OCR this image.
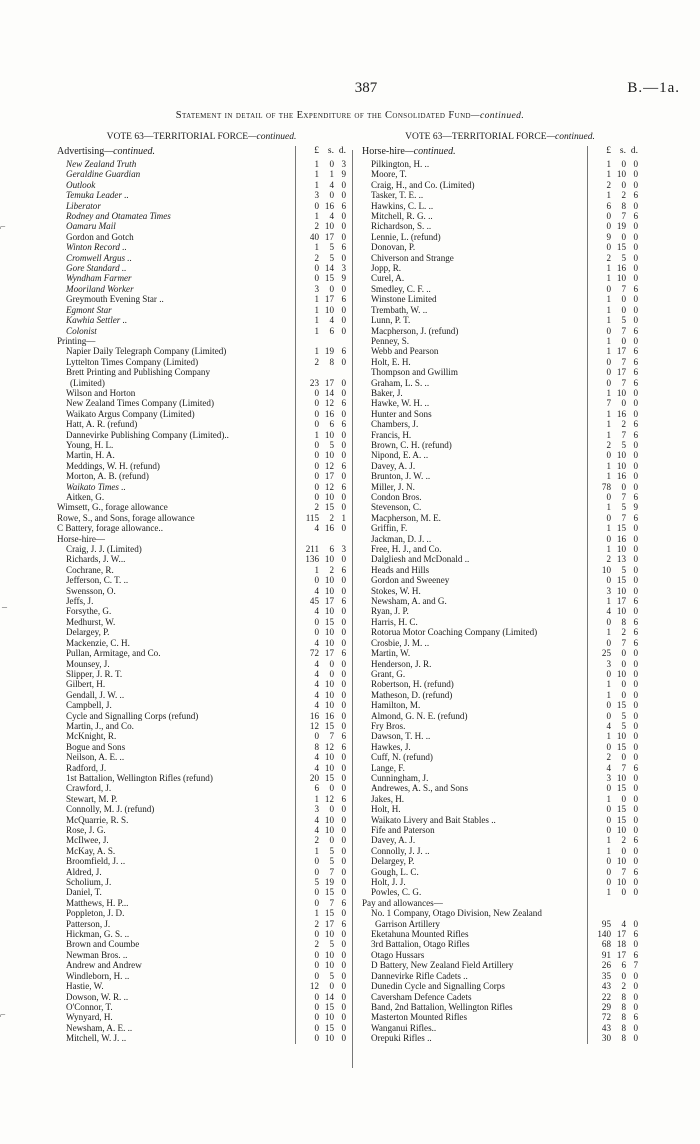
387	B.—1a.
Statement in detail of the Expenditure of the Consolidated Fund—continued.
⌐
–
⌐
VOTE 63—TERRITORIAL FORCE—continued.
Advertising—continued.	£ s. d.
New Zealand Truth	1	0 3
Geraldine Guardian	1	1 9
Outlook	1	4 0
Temuka Leader ..	3	0 0
Liberator	0 16 6
Rodney and Otamatea Times	1	4 0
Oamaru Mail	2 10 0
Gordon and Gotch	40 17 0
Winton Record ..	1	5 6
Cromwell Argus ..	2	5 0
Gore Standard ..	0 14 3
Wyndham Farmer	0 15 9
Mooriland Worker	3	0 0
Greymouth Evening Star ..	1 17 6
Egmont Star	1 10 0
Kawhia Settler ..	1	4 0
Colonist	1	6 0
Printing—
Napier Daily Telegraph Company (Limited)	1 19 6
Lyttelton Times Company (Limited)	2	8 0
Brett Printing and Publishing Company
(Limited)	23 17 0
Wilson and Horton	0 14 0
New Zealand Times Company (Limited)	0 12 6
Waikato Argus Company (Limited)	0 16 0
Hatt, A. R. (refund)	0	6 6
Dannevirke Publishing Company (Limited)..	1 10 0
Young, H. L.	0	5 0
Martin, H. A.	0 10 0
Meddings, W. H. (refund)	0 12 6
Morton, A. B. (refund)	0 17 0
Waikato Times ..	0 12 6
Aitken, G.	0 10 0
Wimsett, G., forage allowance	2 15 0
Rowe, S., and Sons, forage allowance	115	2 1
C Battery, forage allowance..	4 16 0
Horse-hire—
Craig, J. J. (Limited)	211	6 3
Richards, J. W...	136 10 0
Cochrane, R.	1	2 6
Jefferson, C. T. ..	0 10 0
Swensson, O.	4 10 0
Jeffs, J.	45 17 6
Forsythe, G.	4 10 0
Medhurst, W.	0 15 0
Delargey, P.	0 10 0
Mackenzie, C. H.	4 10 0
Pullan, Armitage, and Co.	72 17 6
Mounsey, J.	4	0 0
Slipper, J. R. T.	4	0 0
Gilbert, H.	4 10 0
Gendall, J. W. ..	4 10 0
Campbell, J.	4 10 0
Cycle and Signalling Corps (refund)	16 16 0
Martin, J., and Co.	12 15 0
McKnight, R.	0	7 6
Bogue and Sons	8 12 6
Neilson, A. E. ..	4 10 0
Radford, J.	4 10 0
1st Battalion, Wellington Rifles (refund)	20 15 0
Crawford, J.	6	0 0
Stewart, M. P.	1 12 6
Connolly, M. J. (refund)	3	0 0
McQuarrie, R. S.	4 10 0
Rose, J. G.	4 10 0
McIlwee, J.	2	0 0
McKay, A. S.	1	5 0
Broomfield, J. ..	0	5 0
Aldred, J.	0	7 0
Scholium, J.	5 19 0
Daniel, T.	0 15 0
Matthews, H. P...	0	7 6
Poppleton, J. D.	1 15 0
Patterson, J.	2 17 6
Hickman, G. S. ..	0 10 0
Brown and Coumbe	2	5 0
Newman Bros. ..	0 10 0
Andrew and Andrew	0 10 0
Windleborn, H. ..	0	5 0
Hastie, W.	12	0 0
Dowson, W. R. ..	0 14 0
O'Connor, T.	0 15 0
Wynyard, H.	0 10 0
Newsham, A. E. ..	0 15 0
Mitchell, W. J. ..	0 10 0
VOTE 63—TERRITORIAL FORCE—continued.
Horse-hire—continued.	£ s. d.
Pilkington, H. ..	1	0 0
Moore, T.	1 10 0
Craig, H., and Co. (Limited)	2	0 0
Tasker, T. E. ..	1	2 6
Hawkins, C. L. ..	6	8 0
Mitchell, R. G. ..	0	7 6
Richardson, S. ..	0 19 0
Lennie, L. (refund)	9	0 0
Donovan, P.	0 15 0
Chiverson and Strange	2	5 0
Jopp, R.	1 16 0
Curel, A.	1 10 0
Smedley, C. F. ..	0	7 6
Winstone Limited	1	0 0
Trembath, W. ..	1	0 0
Lunn, P. T.	1	5 0
Macpherson, J. (refund)	0	7 6
Penney, S.	1	0 0
Webb and Pearson	1 17 6
Holt, E. H.	0	7 6
Thompson and Gwillim	0 17 6
Graham, L. S. ..	0	7 6
Baker, J.	1 10 0
Hawke, W. H. ..	7	0 0
Hunter and Sons	1 16 0
Chambers, J.	1	2 6
Francis, H.	1	7 6
Brown, C. H. (refund)	2	5 0
Nipond, E. A. ..	0 10 0
Davey, A. J.	1 10 0
Brunton, J. W. ..	1 16 0
Miller, J. N.	78	0 0
Condon Bros.	0	7 6
Stevenson, C.	1	5 9
Macpherson, M. E.	0	7 6
Griffin, F.	1 15 0
Jackman, D. J. ..	0 16 0
Free, H. J., and Co.	1 10 0
Dalgliesh and McDonald ..	2 13 0
Heads and Hills	10	5 0
Gordon and Sweeney	0 15 0
Stokes, W. H.	3 10 0
Newsham, A. and G.	1 17 6
Ryan, J. P.	4 10 0
Harris, H. C.	0	8 6
Rotorua Motor Coaching Company (Limited)	1	2 6
Crosbie, J. M. ..	0	7 6
Martin, W.	25	0 0
Henderson, J. R.	3	0 0
Grant, G.	0 10 0
Robertson, H. (refund)	1	0 0
Matheson, D. (refund)	1	0 0
Hamilton, M.	0 15 0
Almond, G. N. E. (refund)	0	5 0
Fry Bros.	4	5 0
Dawson, T. H. ..	1 10 0
Hawkes, J.	0 15 0
Cuff, N. (refund)	2	0 0
Lange, F.	4	7 6
Cunningham, J.	3 10 0
Andrewes, A. S., and Sons	0 15 0
Jakes, H.	1	0 0
Holt, H.	0 15 0
Waikato Livery and Bait Stables ..	0 15 0
Fife and Paterson	0 10 0
Davey, A. J.	1	2 6
Connolly, J. J. ..	1	0 0
Delargey, P.	0 10 0
Gough, L. C.	0	7 6
Holt, J. J.	0 10 0
Powles, C. G.	1	0 0
Pay and allowances—
No. 1 Company, Otago Division, New Zealand
Garrison Artillery	95	4 0
Eketahuna Mounted Rifles	140 17 6
3rd Battalion, Otago Rifles	68 18 0
Otago Hussars	91 17 6
D Battery, New Zealand Field Artillery	26	6 7
Dannevirke Rifle Cadets ..	35	0 0
Dunedin Cycle and Signalling Corps	43	2 0
Caversham Defence Cadets	22	8 0
Band, 2nd Battalion, Wellington Rifles	29	8 0
Masterton Mounted Rifles	72	8 6
Wanganui Rifles..	43	8 0
Orepuki Rifles ..	30	8 0
